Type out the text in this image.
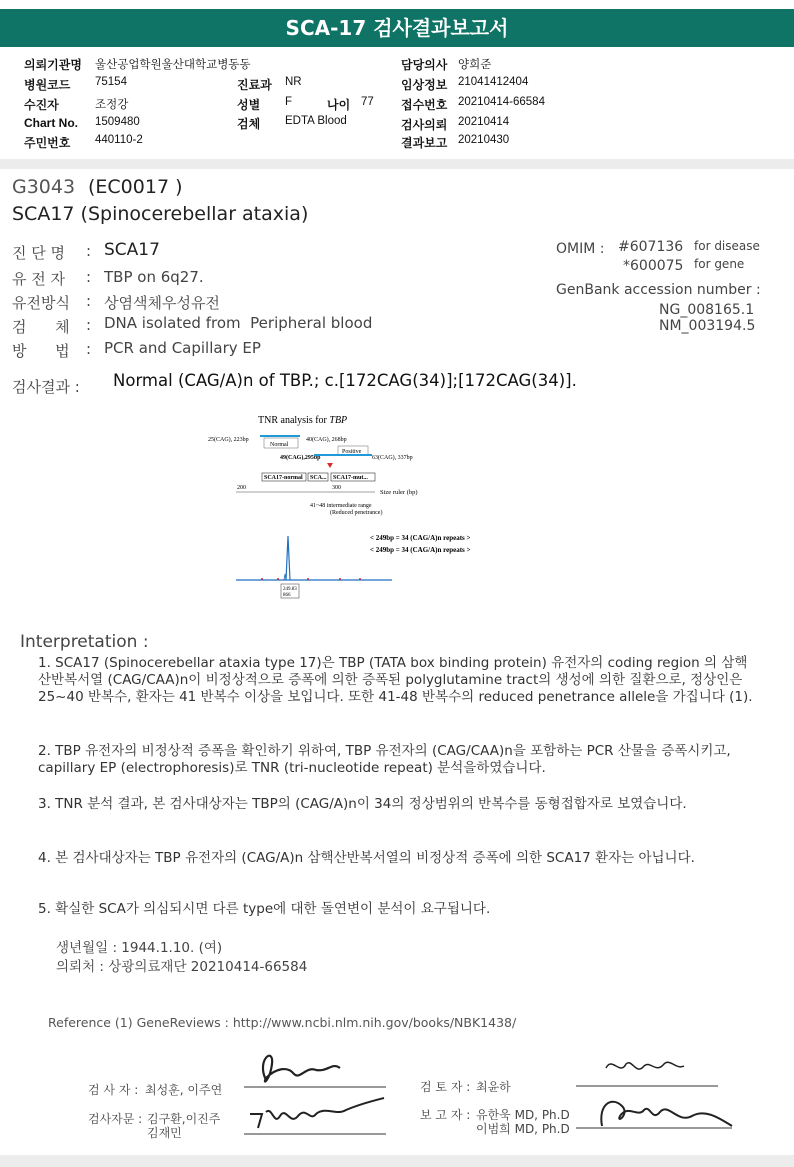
SCA-17 검사결과보고서
의뢰기관명 울산공업학원울산대학교병동동
병원코드 75154
수진자	조정강
Chart No. 1509480
주민번호 440110-2
진료과 NR
성별 F	나이 77
검체 EDTA Blood
담당의사 양희준
임상정보 21041412404
접수번호 20210414-66584
검사의뢰 20210414
결과보고 20210430
G3043 (EC0017 )
SCA17 (Spinocerebellar ataxia)
진 단 명 : SCA17
유 전 자 : TBP on 6q27.
유전방식 : 상염색체우성유전
검      체 : DNA isolated from  Peripheral blood
방      법 : PCR and Capillary EP
OMIM : #607136 for disease
*600075 for gene
GenBank accession number :
NG_008165.1
NM_003194.5
검사결과 : Normal (CAG/A)n of TBP.; c.[172CAG(34)];[172CAG(34)].
TNR analysis for TBP
25(CAG), 223bp
Normal
40(CAG), 268bp
Positive
49(CAG),295bp	63(CAG), 337bp
SCA17-normal SCA... SCA17-mut...
200	300
Size ruler (bp)
41~48 intermediate range
(Reduced penetrance)
< 249bp = 34 (CAG/A)n repeats >
< 249bp = 34 (CAG/A)n repeats >
249.83
866
Interpretation :
1. SCA17 (Spinocerebellar ataxia type 17)은 TBP (TATA box binding protein) 유전자의 coding region 의 삼핵산반복서열 (CAG/CAA)n이 비정상적으로 증폭에 의한 증폭된 polyglutamine tract의 생성에 의한 질환으로, 정상인은 25~40 반복수, 환자는 41 반복수 이상을 보입니다. 또한 41-48 반복수의 reduced penetrance allele을 가집니다 (1).
2. TBP 유전자의 비정상적 증폭을 확인하기 위하여, TBP 유전자의 (CAG/CAA)n을 포함하는 PCR 산물을 증폭시키고, capillary EP (electrophoresis)로 TNR (tri-nucleotide repeat) 분석을하였습니다.
3. TNR 분석 결과, 본 검사대상자는 TBP의 (CAG/A)n이 34의 정상범위의 반복수를 동형접합자로 보였습니다.
4. 본 검사대상자는 TBP 유전자의 (CAG/A)n 삼핵산반복서열의 비정상적 증폭에 의한 SCA17 환자는 아닙니다.
5. 확실한 SCA가 의심되시면 다른 type에 대한 돌연변이 분석이 요구됩니다.
생년월일 : 1944.1.10. (여)
의뢰처 : 상광의료재단 20210414-66584
Reference (1) GeneReviews : http://www.ncbi.nlm.nih.gov/books/NBK1438/
검 사 자 : 최성훈, 이주연
검사자문 : 김구환,이진주
김재민
검 토 자 : 최윤하
보 고 자 : 유한욱 MD, Ph.D
이범희 MD, Ph.D
